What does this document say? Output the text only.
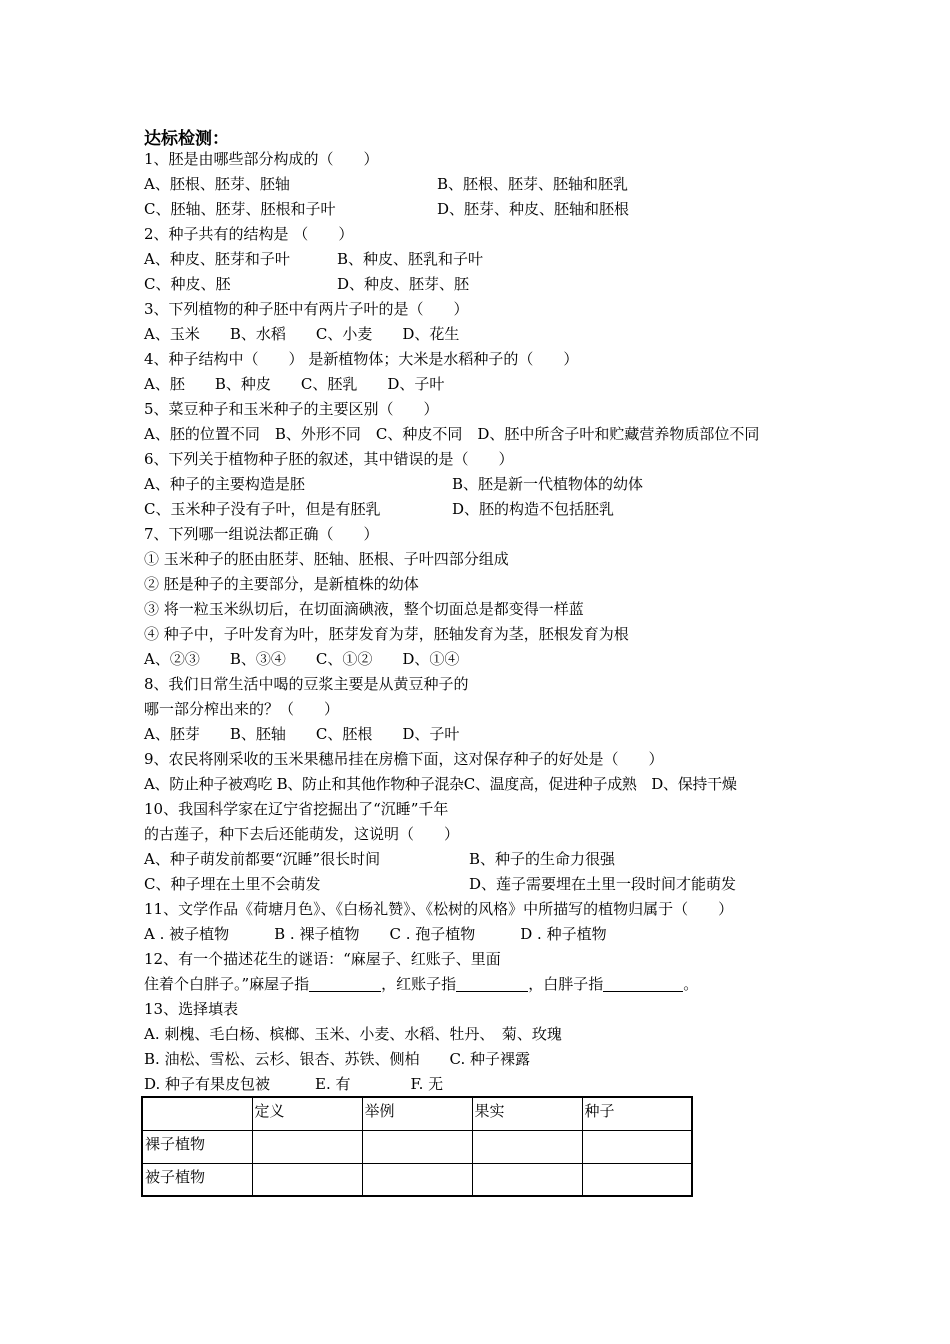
达标检测：
1、胚是由哪些部分构成的（　　）
A、胚根、胚芽、胚轴	B、胚根、胚芽、胚轴和胚乳
C、胚轴、胚芽、胚根和子叶	D、胚芽、种皮、胚轴和胚根
2、种子共有的结构是 （　　）
A、种皮、胚芽和子叶	B、种皮、胚乳和子叶
C、种皮、胚	D、种皮、胚芽、胚
3、下列植物的种子胚中有两片子叶的是（　　）
A、玉米　　B、水稻　　C、小麦　　D、花生
4、种子结构中（　　） 是新植物体；大米是水稻种子的（　　）
A、胚　　B、种皮　　C、胚乳　　D、子叶
5、菜豆种子和玉米种子的主要区别（　　）
A、胚的位置不同　B、外形不同　C、种皮不同　D、胚中所含子叶和贮藏营养物质部位不同
6、下列关于植物种子胚的叙述，其中错误的是（　　）
A、种子的主要构造是胚	B、胚是新一代植物体的幼体
C、玉米种子没有子叶，但是有胚乳	D、胚的构造不包括胚乳
7、下列哪一组说法都正确（　　）
① 玉米种子的胚由胚芽、胚轴、胚根、子叶四部分组成
② 胚是种子的主要部分，是新植株的幼体
③ 将一粒玉米纵切后，在切面滴碘液，整个切面总是都变得一样蓝
④ 种子中，子叶发育为叶，胚芽发育为芽，胚轴发育为茎，胚根发育为根
A、②③　　B、③④　　C、①②　　D、①④
8、我们日常生活中喝的豆浆主要是从黄豆种子的
哪一部分榨出来的？（　　）
A、胚芽　　B、胚轴　　C、胚根　　D、子叶
9、农民将刚采收的玉米果穗吊挂在房檐下面，这对保存种子的好处是（　　）
A、防止种子被鸡吃 B、防止和其他作物种子混杂C、温度高，促进种子成熟　D、保持干燥
10、我国科学家在辽宁省挖掘出了“沉睡”千年
的古莲子，种下去后还能萌发，这说明（　　）
A、种子萌发前都要“沉睡”很长时间	B、种子的生命力很强
C、种子埋在土里不会萌发	D、莲子需要埋在土里一段时间才能萌发
11、文学作品《荷塘月色》、《白杨礼赞》、《松树的风格》中所描写的植物归属于（　　）
A . 被子植物　　　B . 裸子植物　　C . 孢子植物　　　D . 种子植物
12、有一个描述花生的谜语：“麻屋子、红账子、里面
住着个白胖子。”麻屋子指	，红账子指	，白胖子指	。
13、选择填表
A. 刺槐、毛白杨、槟榔、玉米、小麦、水稻、牡丹、　菊、玫瑰
B. 油松、雪松、云杉、银杏、苏铁、侧柏　　C. 种子裸露
D. 种子有果皮包被　　　E. 有　　　　F. 无
	定义	举例	果实	种子
裸子植物				
被子植物				
